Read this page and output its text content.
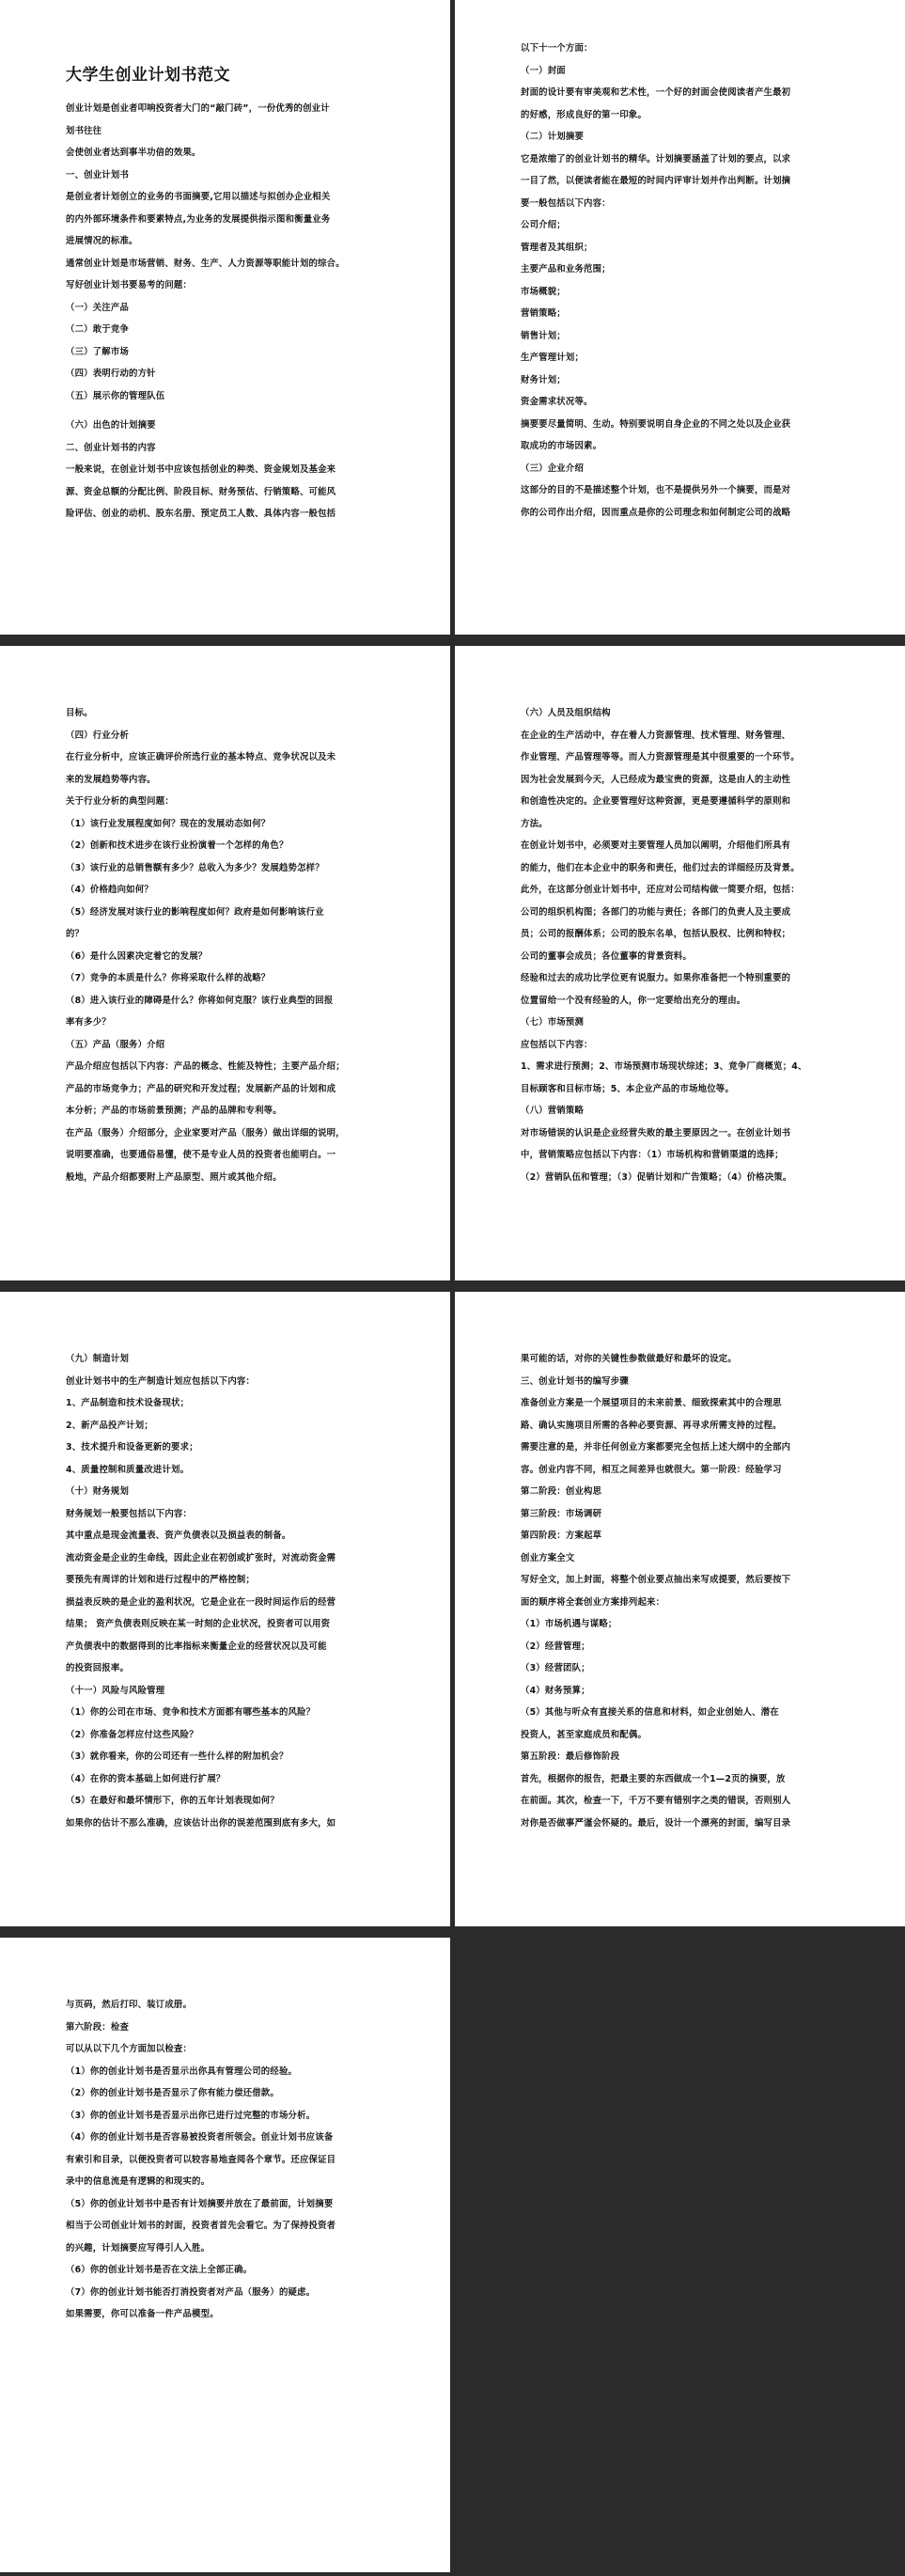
大学生创业计划书范文
创业计划是创业者叩响投资者大门的“敲门砖”，一份优秀的创业计
划书往往
会使创业者达到事半功倍的效果。
一、创业计划书
是创业者计划创立的业务的书面摘要,它用以描述与拟创办企业相关
的内外部环境条件和要素特点,为业务的发展提供指示图和衡量业务
进展情况的标准。
通常创业计划是市场营销、财务、生产、人力资源等职能计划的综合。
写好创业计划书要易考的问题：
（一）关注产品
（二）敢于竞争
（三）了解市场
（四）表明行动的方针
（五）展示你的管理队伍
（六）出色的计划摘要
二、创业计划书的内容
一般来说，在创业计划书中应该包括创业的种类、资金规划及基金来
源、资金总额的分配比例、阶段目标、财务预估、行销策略、可能风
险评估、创业的动机、股东名册、预定员工人数、具体内容一般包括
以下十一个方面：
（一）封面
封面的设计要有审美观和艺术性，一个好的封面会使阅读者产生最初
的好感，形成良好的第一印象。
（二）计划摘要
它是浓缩了的创业计划书的精华。计划摘要涵盖了计划的要点，以求
一目了然，以便读者能在最短的时间内评审计划并作出判断。计划摘
要一般包括以下内容：
公司介绍；
管理者及其组织；
主要产品和业务范围；
市场概貌；
营销策略；
销售计划；
生产管理计划；
财务计划；
资金需求状况等。
摘要要尽量简明、生动。特别要说明自身企业的不同之处以及企业获
取成功的市场因素。
（三）企业介绍
这部分的目的不是描述整个计划，也不是提供另外一个摘要，而是对
你的公司作出介绍，因而重点是你的公司理念和如何制定公司的战略
目标。
（四）行业分析
在行业分析中，应该正确评价所选行业的基本特点、竞争状况以及未
来的发展趋势等内容。
关于行业分析的典型问题：
（1）该行业发展程度如何？现在的发展动态如何？
（2）创新和技术进步在该行业扮演着一个怎样的角色？
（3）该行业的总销售额有多少？总收入为多少？发展趋势怎样？
（4）价格趋向如何？
（5）经济发展对该行业的影响程度如何？政府是如何影响该行业
的？
（6）是什么因素决定着它的发展？
（7）竞争的本质是什么？你将采取什么样的战略？
（8）进入该行业的障碍是什么？你将如何克服？该行业典型的回报
率有多少？
（五）产品（服务）介绍
产品介绍应包括以下内容：产品的概念、性能及特性；主要产品介绍；
产品的市场竞争力；产品的研究和开发过程；发展新产品的计划和成
本分析；产品的市场前景预测；产品的品牌和专利等。
在产品（服务）介绍部分，企业家要对产品（服务）做出详细的说明，
说明要准确，也要通俗易懂，使不是专业人员的投资者也能明白。一
般地，产品介绍都要附上产品原型、照片或其他介绍。
（六）人员及组织结构
在企业的生产活动中，存在着人力资源管理、技术管理、财务管理、
作业管理、产品管理等等。而人力资源管理是其中很重要的一个环节。
因为社会发展到今天，人已经成为最宝贵的资源，这是由人的主动性
和创造性决定的。企业要管理好这种资源，更是要遵循科学的原则和
方法。
在创业计划书中，必须要对主要管理人员加以阐明，介绍他们所具有
的能力，他们在本企业中的职务和责任，他们过去的详细经历及背景。
此外，在这部分创业计划书中，还应对公司结构做一简要介绍，包括：
公司的组织机构图；各部门的功能与责任；各部门的负责人及主要成
员；公司的报酬体系；公司的股东名单，包括认股权、比例和特权；
公司的董事会成员；各位董事的背景资料。
经验和过去的成功比学位更有说服力。如果你准备把一个特别重要的
位置留给一个没有经验的人，你一定要给出充分的理由。
（七）市场预测
应包括以下内容：
1、需求进行预测；2、市场预测市场现状综述；3、竞争厂商概览；4、
目标顾客和目标市场；5、本企业产品的市场地位等。
（八）营销策略
对市场错误的认识是企业经营失败的最主要原因之一。在创业计划书
中，营销策略应包括以下内容：（1）市场机构和营销渠道的选择；
（2）营销队伍和管理；（3）促销计划和广告策略；（4）价格决策。
（九）制造计划
创业计划书中的生产制造计划应包括以下内容：
1、产品制造和技术设备现状；
2、新产品投产计划；
3、技术提升和设备更新的要求；
4、质量控制和质量改进计划。
（十）财务规划
财务规划一般要包括以下内容：
其中重点是现金流量表、资产负债表以及损益表的制备。
流动资金是企业的生命线，因此企业在初创或扩张时，对流动资金需
要预先有周详的计划和进行过程中的严格控制；
损益表反映的是企业的盈利状况，它是企业在一段时间运作后的经营
结果； 资产负债表则反映在某一时刻的企业状况，投资者可以用资
产负债表中的数据得到的比率指标来衡量企业的经营状况以及可能
的投资回报率。
（十一）风险与风险管理
（1）你的公司在市场、竞争和技术方面都有哪些基本的风险？
（2）你准备怎样应付这些风险？
（3）就你看来，你的公司还有一些什么样的附加机会？
（4）在你的资本基础上如何进行扩展？
（5）在最好和最坏情形下，你的五年计划表现如何？
如果你的估计不那么准确，应该估计出你的误差范围到底有多大，如
果可能的话，对你的关键性参数做最好和最坏的设定。
三、创业计划书的编写步骤
准备创业方案是一个展望项目的未来前景、细致探索其中的合理思
路、确认实施项目所需的各种必要资源、再寻求所需支持的过程。
需要注意的是，并非任何创业方案都要完全包括上述大纲中的全部内
容。创业内容不同，相互之间差异也就很大。第一阶段：经验学习
第二阶段：创业构思
第三阶段：市场调研
第四阶段：方案起草
创业方案全文
写好全文，加上封面，将整个创业要点抽出来写成提要，然后要按下
面的顺序将全套创业方案排列起来：
（1）市场机遇与谋略；
（2）经营管理；
（3）经营团队；
（4）财务预算；
（5）其他与听众有直接关系的信息和材料，如企业创始人、潜在
投资人，甚至家庭成员和配偶。
第五阶段：最后修饰阶段
首先，根据你的报告，把最主要的东西做成一个1—2页的摘要，放
在前面。其次，检查一下，千万不要有错别字之类的错误，否则别人
对你是否做事严谨会怀疑的。最后，设计一个漂亮的封面，编写目录
与页码，然后打印、装订成册。
第六阶段：检查
可以从以下几个方面加以检查：
（1）你的创业计划书是否显示出你具有管理公司的经验。
（2）你的创业计划书是否显示了你有能力偿还借款。
（3）你的创业计划书是否显示出你已进行过完整的市场分析。
（4）你的创业计划书是否容易被投资者所领会。创业计划书应该备
有索引和目录，以便投资者可以较容易地查阅各个章节。还应保证目
录中的信息流是有逻辑的和现实的。
（5）你的创业计划书中是否有计划摘要并放在了最前面，计划摘要
相当于公司创业计划书的封面，投资者首先会看它。为了保持投资者
的兴趣，计划摘要应写得引人入胜。
（6）你的创业计划书是否在文法上全部正确。
（7）你的创业计划书能否打消投资者对产品（服务）的疑虑。
如果需要，你可以准备一件产品模型。
